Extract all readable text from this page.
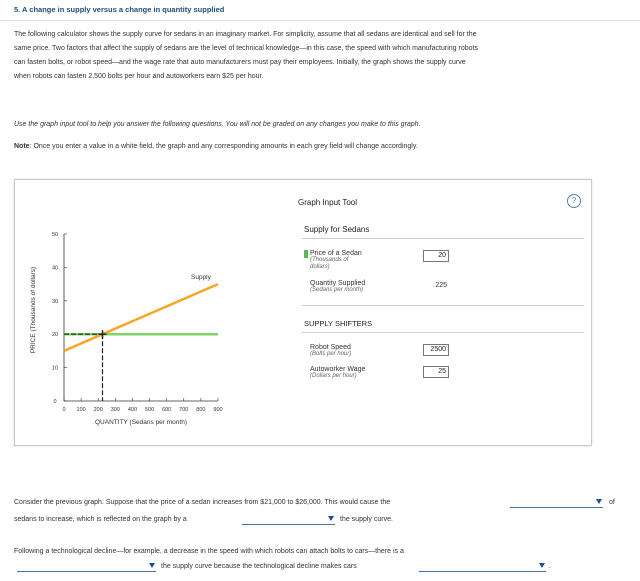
5. A change in supply versus a change in quantity supplied
The following calculator shows the supply curve for sedans in an imaginary market. For simplicity, assume that all sedans are identical and sell for the
same price. Two factors that affect the supply of sedans are the level of technical knowledge—in this case, the speed with which manufacturing robots
can fasten bolts, or robot speed—and the wage rate that auto manufacturers must pay their employees. Initially, the graph shows the supply curve
when robots can fasten 2,500 bolts per hour and autoworkers earn $25 per hour.
Use the graph input tool to help you answer the following questions. You will not be graded on any changes you make to this graph.
Note: Once you enter a value in a white field, the graph and any corresponding amounts in each grey field will change accordingly.
PRICE (Thousands of dollars)
QUANTITY (Sedans per month)
0 100 200 300 400 500 600 700 800 900
0
10
20
30
40
50
Supply
Graph Input Tool	?
Supply for Sedans
Price of a Sedan
(Thousands of
dollars)
20
Quantity Supplied
(Sedans per month)
225
SUPPLY SHIFTERS
Robot Speed
(Bolts per hour)
2500
Autoworker Wage
(Dollars per hour)
25
Consider the previous graph. Suppose that the price of a sedan increases from $21,000 to $26,000. This would cause the	of
sedans to increase, which is reflected on the graph by a	the supply curve.
Following a technological decline—for example, a decrease in the speed with which robots can attach bolts to cars—there is a
the supply curve because the technological decline makes cars	.
